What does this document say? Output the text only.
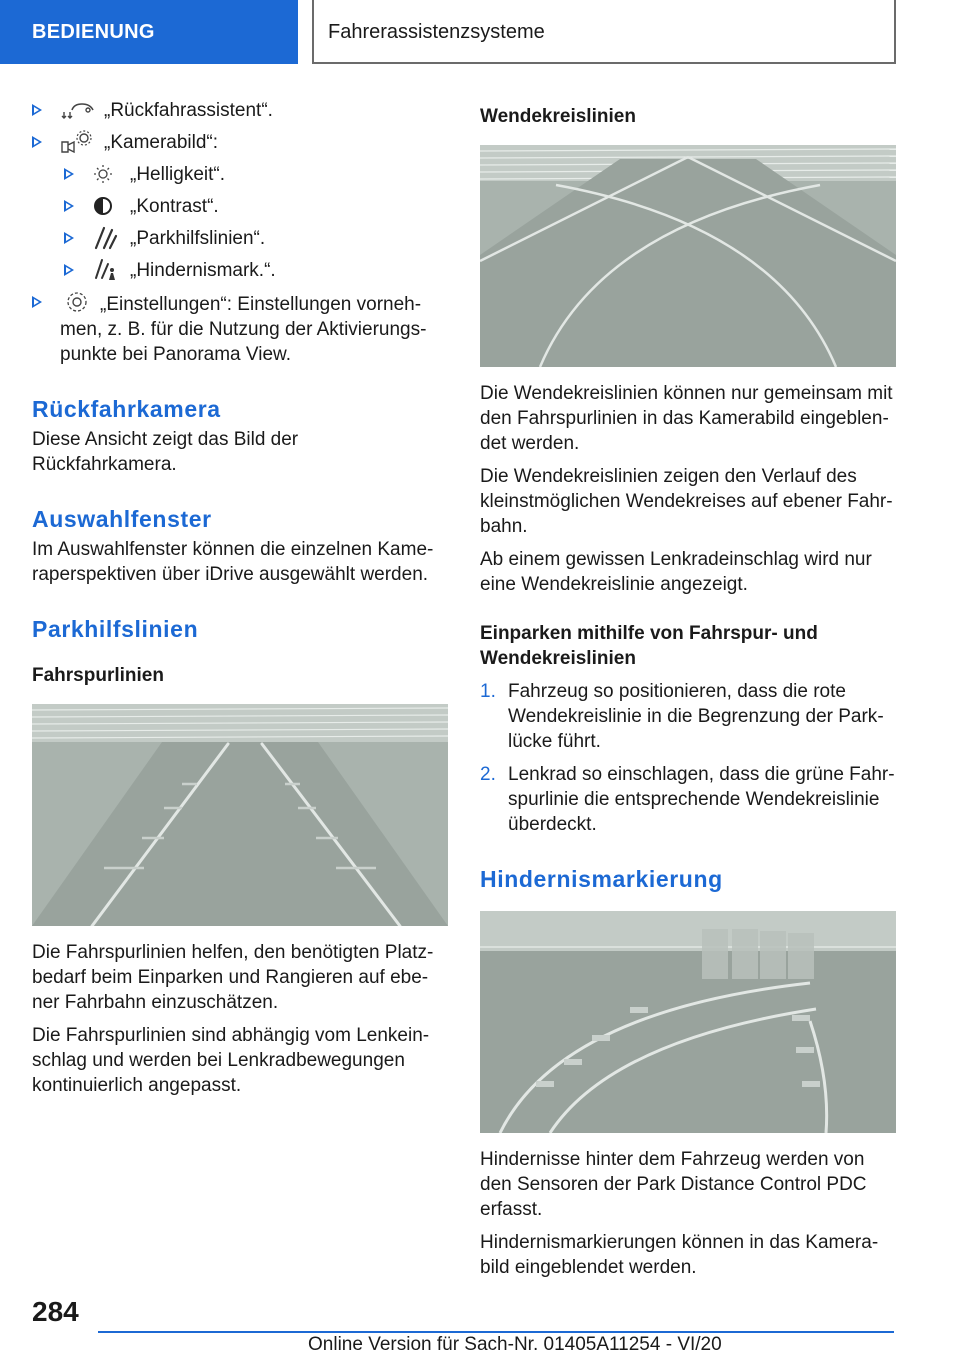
BEDIENUNG	Fahrerassistenzsysteme
„Rückfahrassistent“.
„Kamerabild“:
„Helligkeit“.
„Kontrast“.
„Parkhilfslinien“.
„Hindernismark.“.
„Einstellungen“: Einstellungen vornehmen, z. B. für die Nutzung der Aktivierungspunkte bei Panorama View.
Rückfahrkamera
Diese Ansicht zeigt das Bild der Rückfahrkamera.
Auswahlfenster
Im Auswahlfenster können die einzelnen Kameraperspektiven über iDrive ausgewählt werden.
Parkhilfslinien
Fahrspurlinien
Die Fahrspurlinien helfen, den benötigten Platzbedarf beim Einparken und Rangieren auf ebener Fahrbahn einzuschätzen.
Die Fahrspurlinien sind abhängig vom Lenkeinschlag und werden bei Lenkradbewegungen kontinuierlich angepasst.
Wendekreislinien
Die Wendekreislinien können nur gemeinsam mit den Fahrspurlinien in das Kamerabild eingeblendet werden.
Die Wendekreislinien zeigen den Verlauf des kleinstmöglichen Wendekreises auf ebener Fahrbahn.
Ab einem gewissen Lenkradeinschlag wird nur eine Wendekreislinie angezeigt.
Einparken mithilfe von Fahrspur- und Wendekreislinien
1. Fahrzeug so positionieren, dass die rote Wendekreislinie in die Begrenzung der Parklücke führt.
2. Lenkrad so einschlagen, dass die grüne Fahrspurlinie die entsprechende Wendekreislinie überdeckt.
Hindernismarkierung
Hindernisse hinter dem Fahrzeug werden von den Sensoren der Park Distance Control PDC erfasst.
Hindernismarkierungen können in das Kamerabild eingeblendet werden.
284
Online Version für Sach-Nr. 01405A11254 - VI/20
